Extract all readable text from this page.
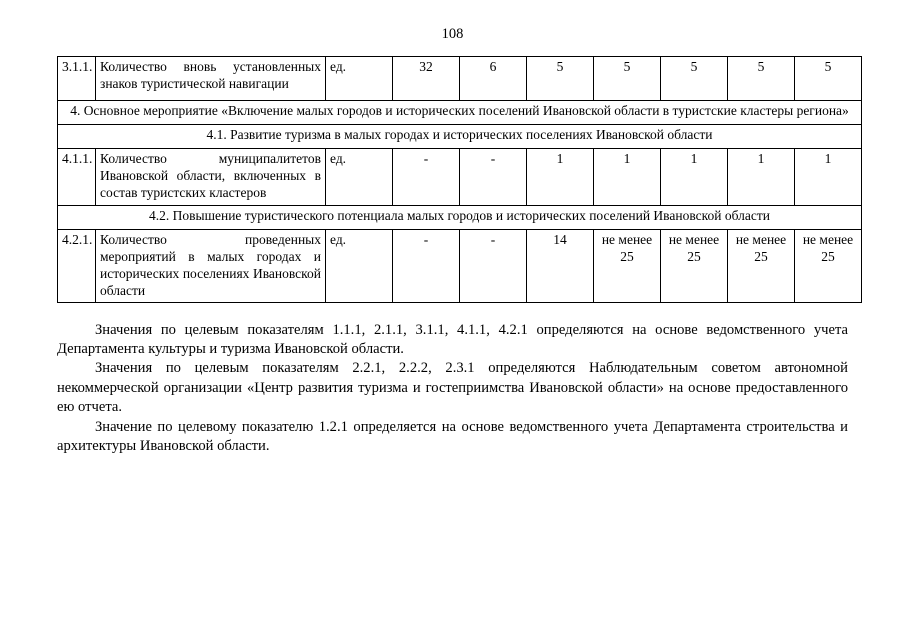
108
3.1.1.	Количество вновь установленных знаков туристической навигации	ед.	32	6	5	5	5	5	5
4. Основное мероприятие «Включение малых городов и исторических поселений Ивановской области в туристские кластеры региона»									
4.1. Развитие туризма в малых городах и исторических поселениях Ивановской области									
4.1.1.	Количество муниципалитетов Ивановской области, включенных в состав туристских кластеров	ед.	-	-	1	1	1	1	1
4.2. Повышение туристического потенциала малых городов и исторических поселений Ивановской области									
4.2.1.	Количество проведенных мероприятий в малых городах и исторических поселениях Ивановской области	ед.	-	-	14	не менее 25	не менее 25	не менее 25	не менее 25

Значения по целевым показателям 1.1.1, 2.1.1, 3.1.1, 4.1.1, 4.2.1 определяются на основе ведомственного учета Департамента культуры и туризма Ивановской области.

Значения по целевым показателям 2.2.1, 2.2.2, 2.3.1 определяются Наблюдательным советом автономной некоммерческой организации «Центр развития туризма и гостеприимства Ивановской области» на основе предоставленного ею отчета.

Значение по целевому показателю 1.2.1 определяется на основе ведомственного учета Департамента строительства и архитектуры Ивановской области.
